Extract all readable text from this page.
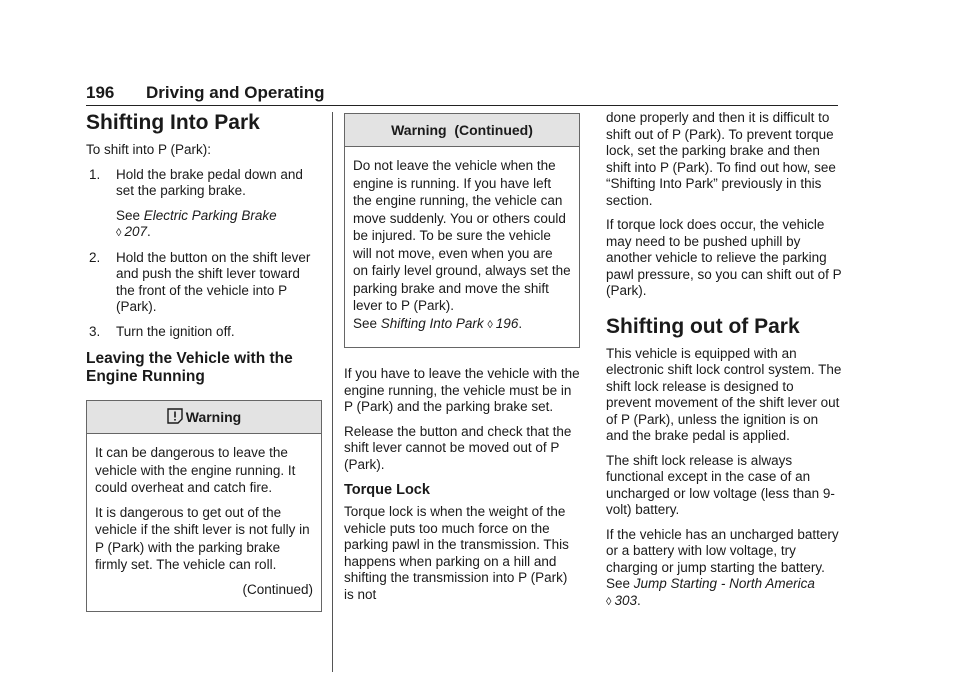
196 Driving and Operating
Shifting Into Park

To shift into P (Park):

1. Hold the brake pedal down and set the parking brake.

See Electric Parking Brake
◊ 207.

2. Hold the button on the shift lever and push the shift lever toward the front of the vehicle into P (Park).

3. Turn the ignition off.

Leaving the Vehicle with the Engine Running
Warning

It can be dangerous to leave the vehicle with the engine running. It could overheat and catch fire.

It is dangerous to get out of the vehicle if the shift lever is not fully in P (Park) with the parking brake firmly set. The vehicle can roll.

(Continued)

Warning  (Continued)

Do not leave the vehicle when the engine is running. If you have left the engine running, the vehicle can move suddenly. You or others could be injured. To be sure the vehicle will not move, even when you are on fairly level ground, always set the parking brake and move the shift lever to P (Park).
See Shifting Into Park ◊ 196.

If you have to leave the vehicle with the engine running, the vehicle must be in P (Park) and the parking brake set.

Release the button and check that the shift lever cannot be moved out of P (Park).

Torque Lock

Torque lock is when the weight of the vehicle puts too much force on the parking pawl in the transmission. This happens when parking on a hill and shifting the transmission into P (Park) is not

done properly and then it is difficult to shift out of P (Park). To prevent torque lock, set the parking brake and then shift into P (Park). To find out how, see “Shifting Into Park” previously in this section.

If torque lock does occur, the vehicle may need to be pushed uphill by another vehicle to relieve the parking pawl pressure, so you can shift out of P (Park).

Shifting out of Park

This vehicle is equipped with an electronic shift lock control system. The shift lock release is designed to prevent movement of the shift lever out of P (Park), unless the ignition is on and the brake pedal is applied.

The shift lock release is always functional except in the case of an uncharged or low voltage (less than 9-volt) battery.

If the vehicle has an uncharged battery or a battery with low voltage, try charging or jump starting the battery. See Jump Starting - North America ◊ 303.
